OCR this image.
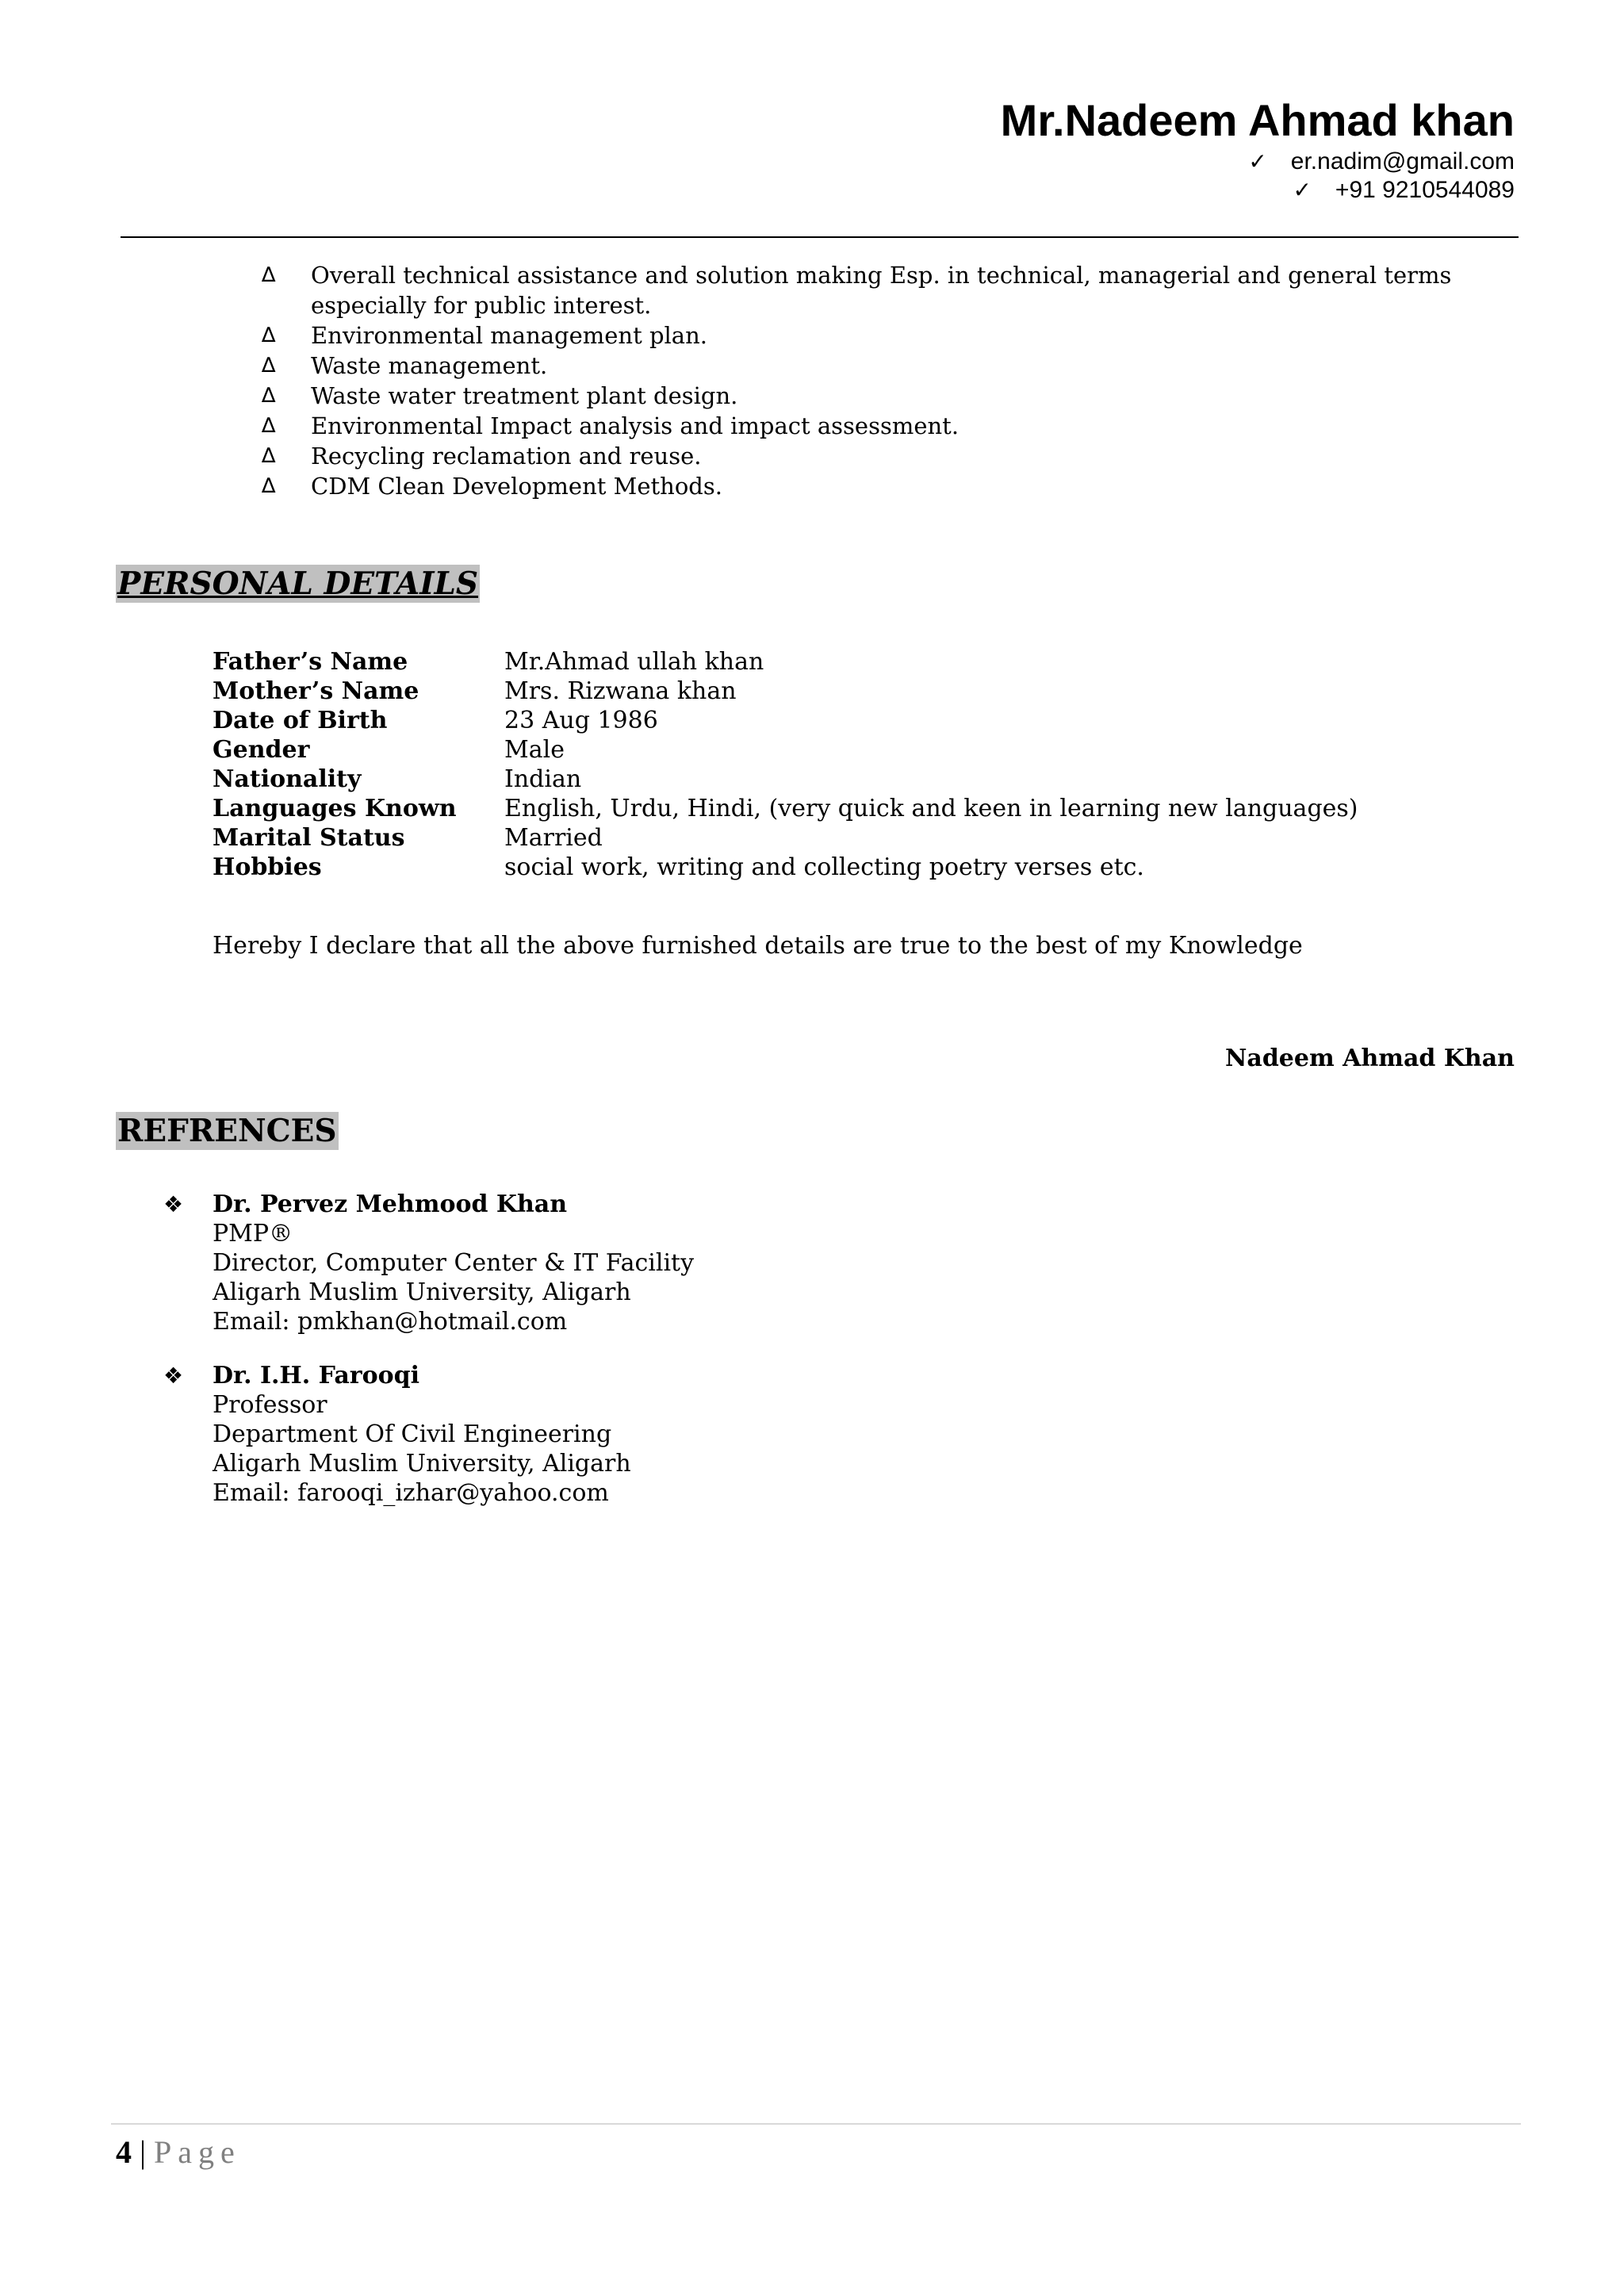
Mr.Nadeem Ahmad khan
✓ er.nadim@gmail.com
✓ +91 9210544089
∆	Overall technical assistance and solution making Esp. in technical, managerial and general terms especially for public interest.
∆	Environmental management plan.
∆	Waste management.
∆	Waste water treatment plant design.
∆	Environmental Impact analysis and impact assessment.
∆	Recycling reclamation and reuse.
∆	CDM Clean Development Methods.
PERSONAL DETAILS
Father’s Name	Mr.Ahmad ullah khan
Mother’s Name	Mrs. Rizwana khan
Date of Birth	23 Aug 1986
Gender	Male
Nationality	Indian
Languages Known	English, Urdu, Hindi, (very quick and keen in learning new languages)
Marital Status	Married
Hobbies	social work, writing and collecting poetry verses etc.
Hereby I declare that all the above furnished details are true to the best of my Knowledge
Nadeem Ahmad Khan
REFRENCES
❖	Dr. Pervez Mehmood Khan
PMP®
Director, Computer Center & IT Facility
Aligarh Muslim University, Aligarh
Email: pmkhan@hotmail.com
❖	Dr. I.H. Farooqi
Professor
Department Of Civil Engineering
Aligarh Muslim University, Aligarh
Email: farooqi_izhar@yahoo.com
4 | Page
